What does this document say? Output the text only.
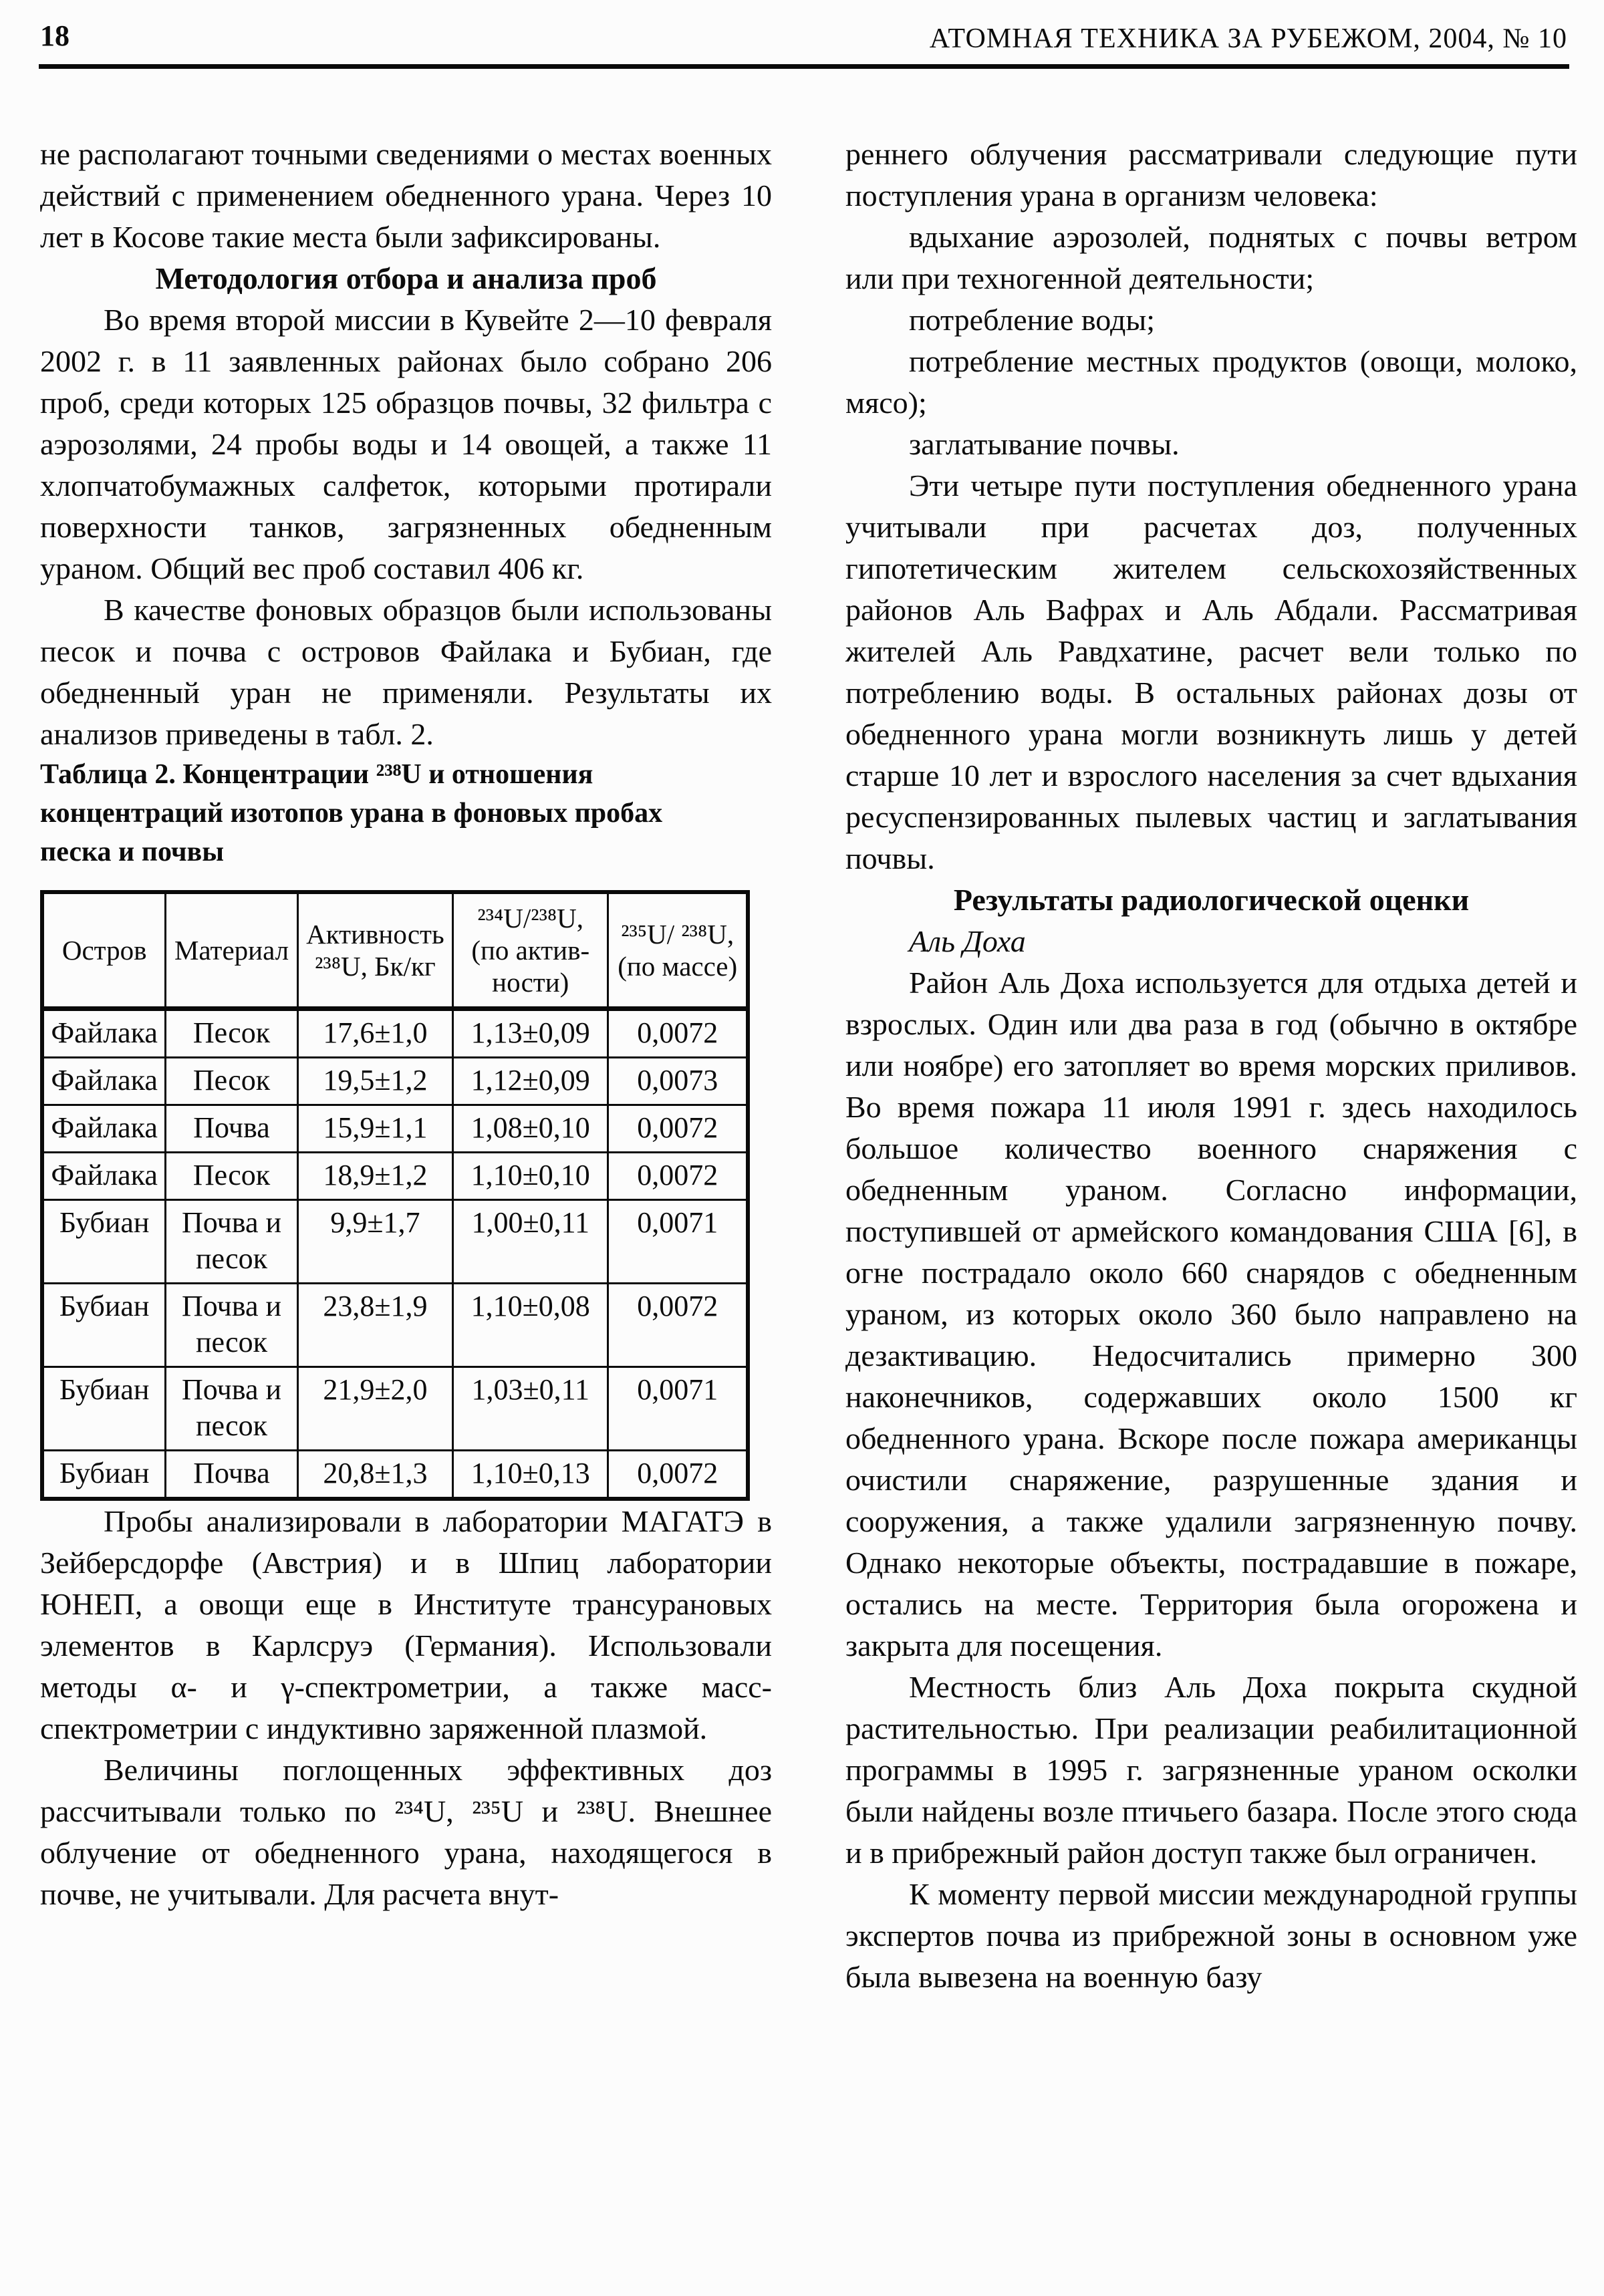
18	АТОМНАЯ ТЕХНИКА ЗА РУБЕЖОМ, 2004, № 10

не располагают точными сведениями о местах военных действий с применением обедненного урана. Через 10 лет в Косове такие места были зафиксированы.

Методология отбора и анализа проб

Во время второй миссии в Кувейте 2—10 февраля 2002 г. в 11 заявленных районах было собрано 206 проб, среди которых 125 образцов почвы, 32 фильтра с аэрозолями, 24 пробы воды и 14 овощей, а также 11 хлопчатобумажных салфеток, которыми протирали поверхности танков, загрязненных обедненным ураном. Общий вес проб составил 406 кг.

В качестве фоновых образцов были использованы песок и почва с островов Файлака и Бубиан, где обедненный уран не применяли. Результаты их анализов приведены в табл. 2.

Таблица 2. Концентрации ²³⁸U и отношения концентраций изотопов урана в фоновых пробах песка и почвы

Остров	Материал	Активность ²³⁸U, Бк/кг	²³⁴U/²³⁸U, (по активности)	²³⁵U/ ²³⁸U, (по массе)
Файлака	Песок	17,6±1,0	1,13±0,09	0,0072
Файлака	Песок	19,5±1,2	1,12±0,09	0,0073
Файлака	Почва	15,9±1,1	1,08±0,10	0,0072
Файлака	Песок	18,9±1,2	1,10±0,10	0,0072
Бубиан	Почва и песок	9,9±1,7	1,00±0,11	0,0071
Бубиан	Почва и песок	23,8±1,9	1,10±0,08	0,0072
Бубиан	Почва и песок	21,9±2,0	1,03±0,11	0,0071
Бубиан	Почва	20,8±1,3	1,10±0,13	0,0072

Пробы анализировали в лаборатории МАГАТЭ в Зейберсдорфе (Австрия) и в Шпиц лаборатории ЮНЕП, а овощи еще в Институте трансурановых элементов в Карлсруэ (Германия). Использовали методы α- и γ-спектрометрии, а также масс-спектрометрии с индуктивно заряженной плазмой.

Величины поглощенных эффективных доз рассчитывали только по ²³⁴U, ²³⁵U и ²³⁸U. Внешнее облучение от обедненного урана, находящегося в почве, не учитывали. Для расчета внут-

реннего облучения рассматривали следующие пути поступления урана в организм человека:

вдыхание аэрозолей, поднятых с почвы ветром или при техногенной деятельности;

потребление воды;

потребление местных продуктов (овощи, молоко, мясо);

заглатывание почвы.

Эти четыре пути поступления обедненного урана учитывали при расчетах доз, полученных гипотетическим жителем сельскохозяйственных районов Аль Вафрах и Аль Абдали. Рассматривая жителей Аль Равдхатине, расчет вели только по потреблению воды. В остальных районах дозы от обедненного урана могли возникнуть лишь у детей старше 10 лет и взрослого населения за счет вдыхания ресуспензированных пылевых частиц и заглатывания почвы.

Результаты радиологической оценки

Аль Доха

Район Аль Доха используется для отдыха детей и взрослых. Один или два раза в год (обычно в октябре или ноябре) его затопляет во время морских приливов. Во время пожара 11 июля 1991 г. здесь находилось большое количество военного снаряжения с обедненным ураном. Согласно информации, поступившей от армейского командования США [6], в огне пострадало около 660 снарядов с обедненным ураном, из которых около 360 было направлено на дезактивацию. Недосчитались примерно 300 наконечников, содержавших около 1500 кг обедненного урана. Вскоре после пожара американцы очистили снаряжение, разрушенные здания и сооружения, а также удалили загрязненную почву. Однако некоторые объекты, пострадавшие в пожаре, остались на месте. Территория была огорожена и закрыта для посещения.

Местность близ Аль Доха покрыта скудной растительностью. При реализации реабилитационной программы в 1995 г. загрязненные ураном осколки были найдены возле птичьего базара. После этого сюда и в прибрежный район доступ также был ограничен.

К моменту первой миссии международной группы экспертов почва из прибрежной зоны в основном уже была вывезена на военную базу
